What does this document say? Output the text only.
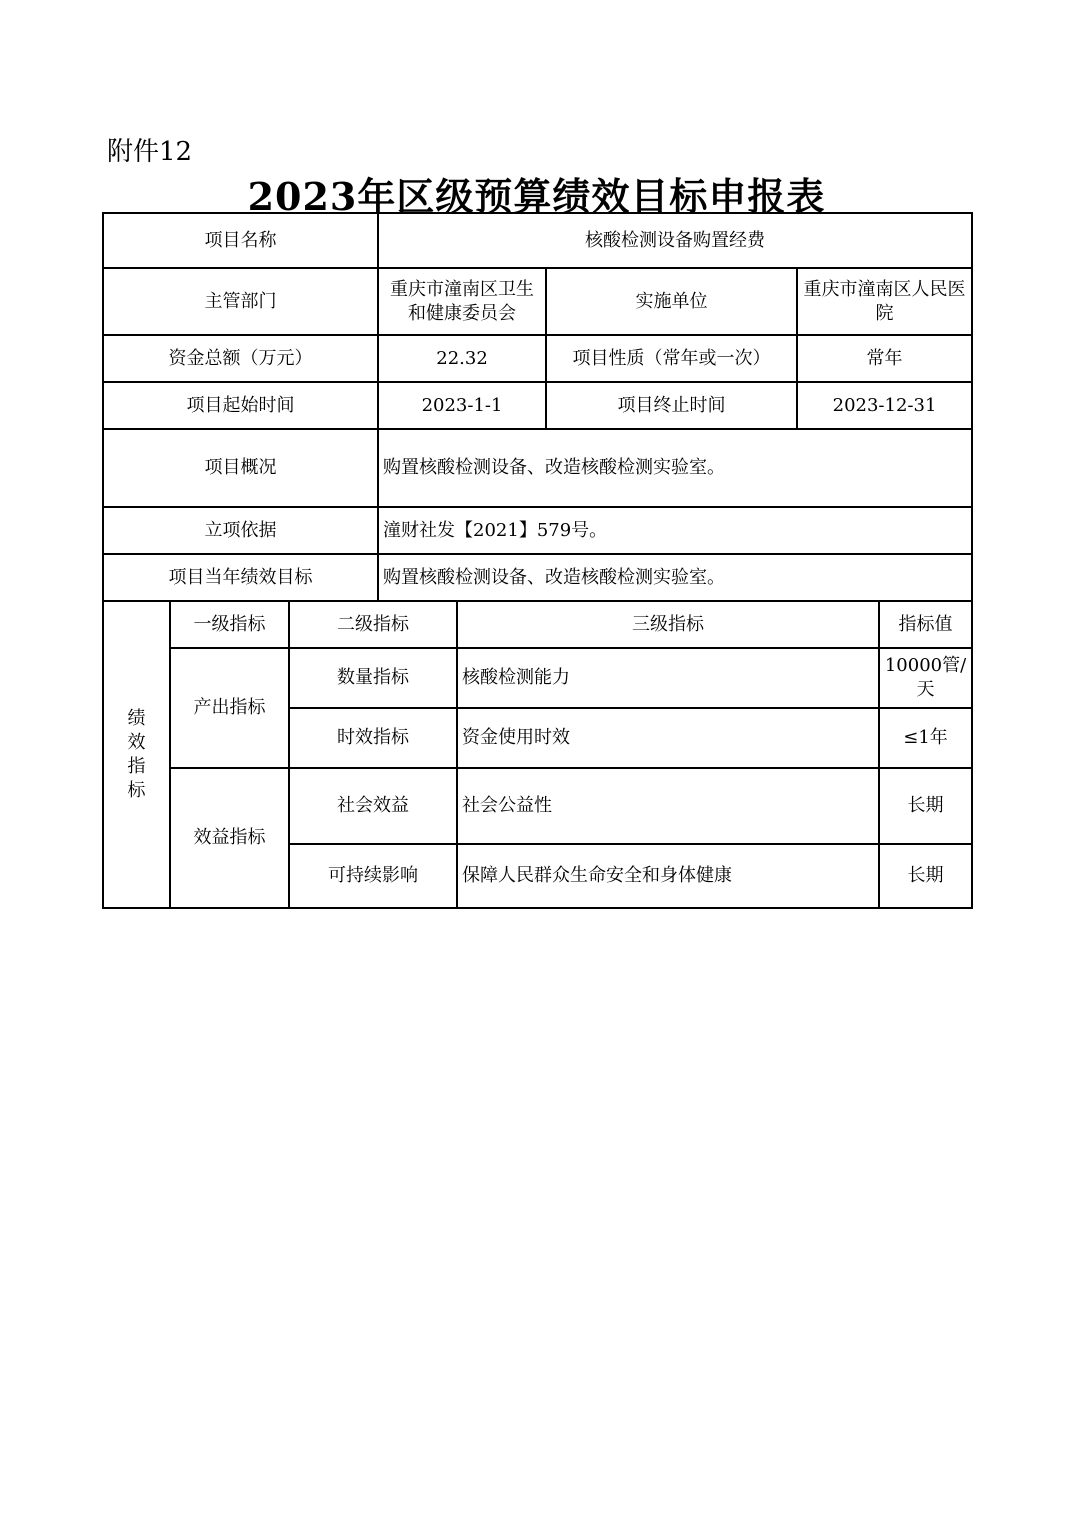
附件12
2023年区级预算绩效目标申报表
项目名称			核酸检测设备购置经费				
主管部门			重庆市潼南区卫生和健康委员会		实施单位	重庆市潼南区人民医院	
资金总额（万元）			22.32		项目性质（常年或一次）	常年	
项目起始时间			2023-1-1		项目终止时间	2023-12-31	
项目概况			购置核酸检测设备、改造核酸检测实验室。				
立项依据			潼财社发【2021】579号。				
项目当年绩效目标			购置核酸检测设备、改造核酸检测实验室。				
绩效指标	一级指标	二级指标		三级指标			指标值
	产出指标	数量指标		核酸检测能力			10000管/天
		时效指标		资金使用时效			≤1年
	效益指标	社会效益		社会公益性			长期
		可持续影响		保障人民群众生命安全和身体健康			长期
